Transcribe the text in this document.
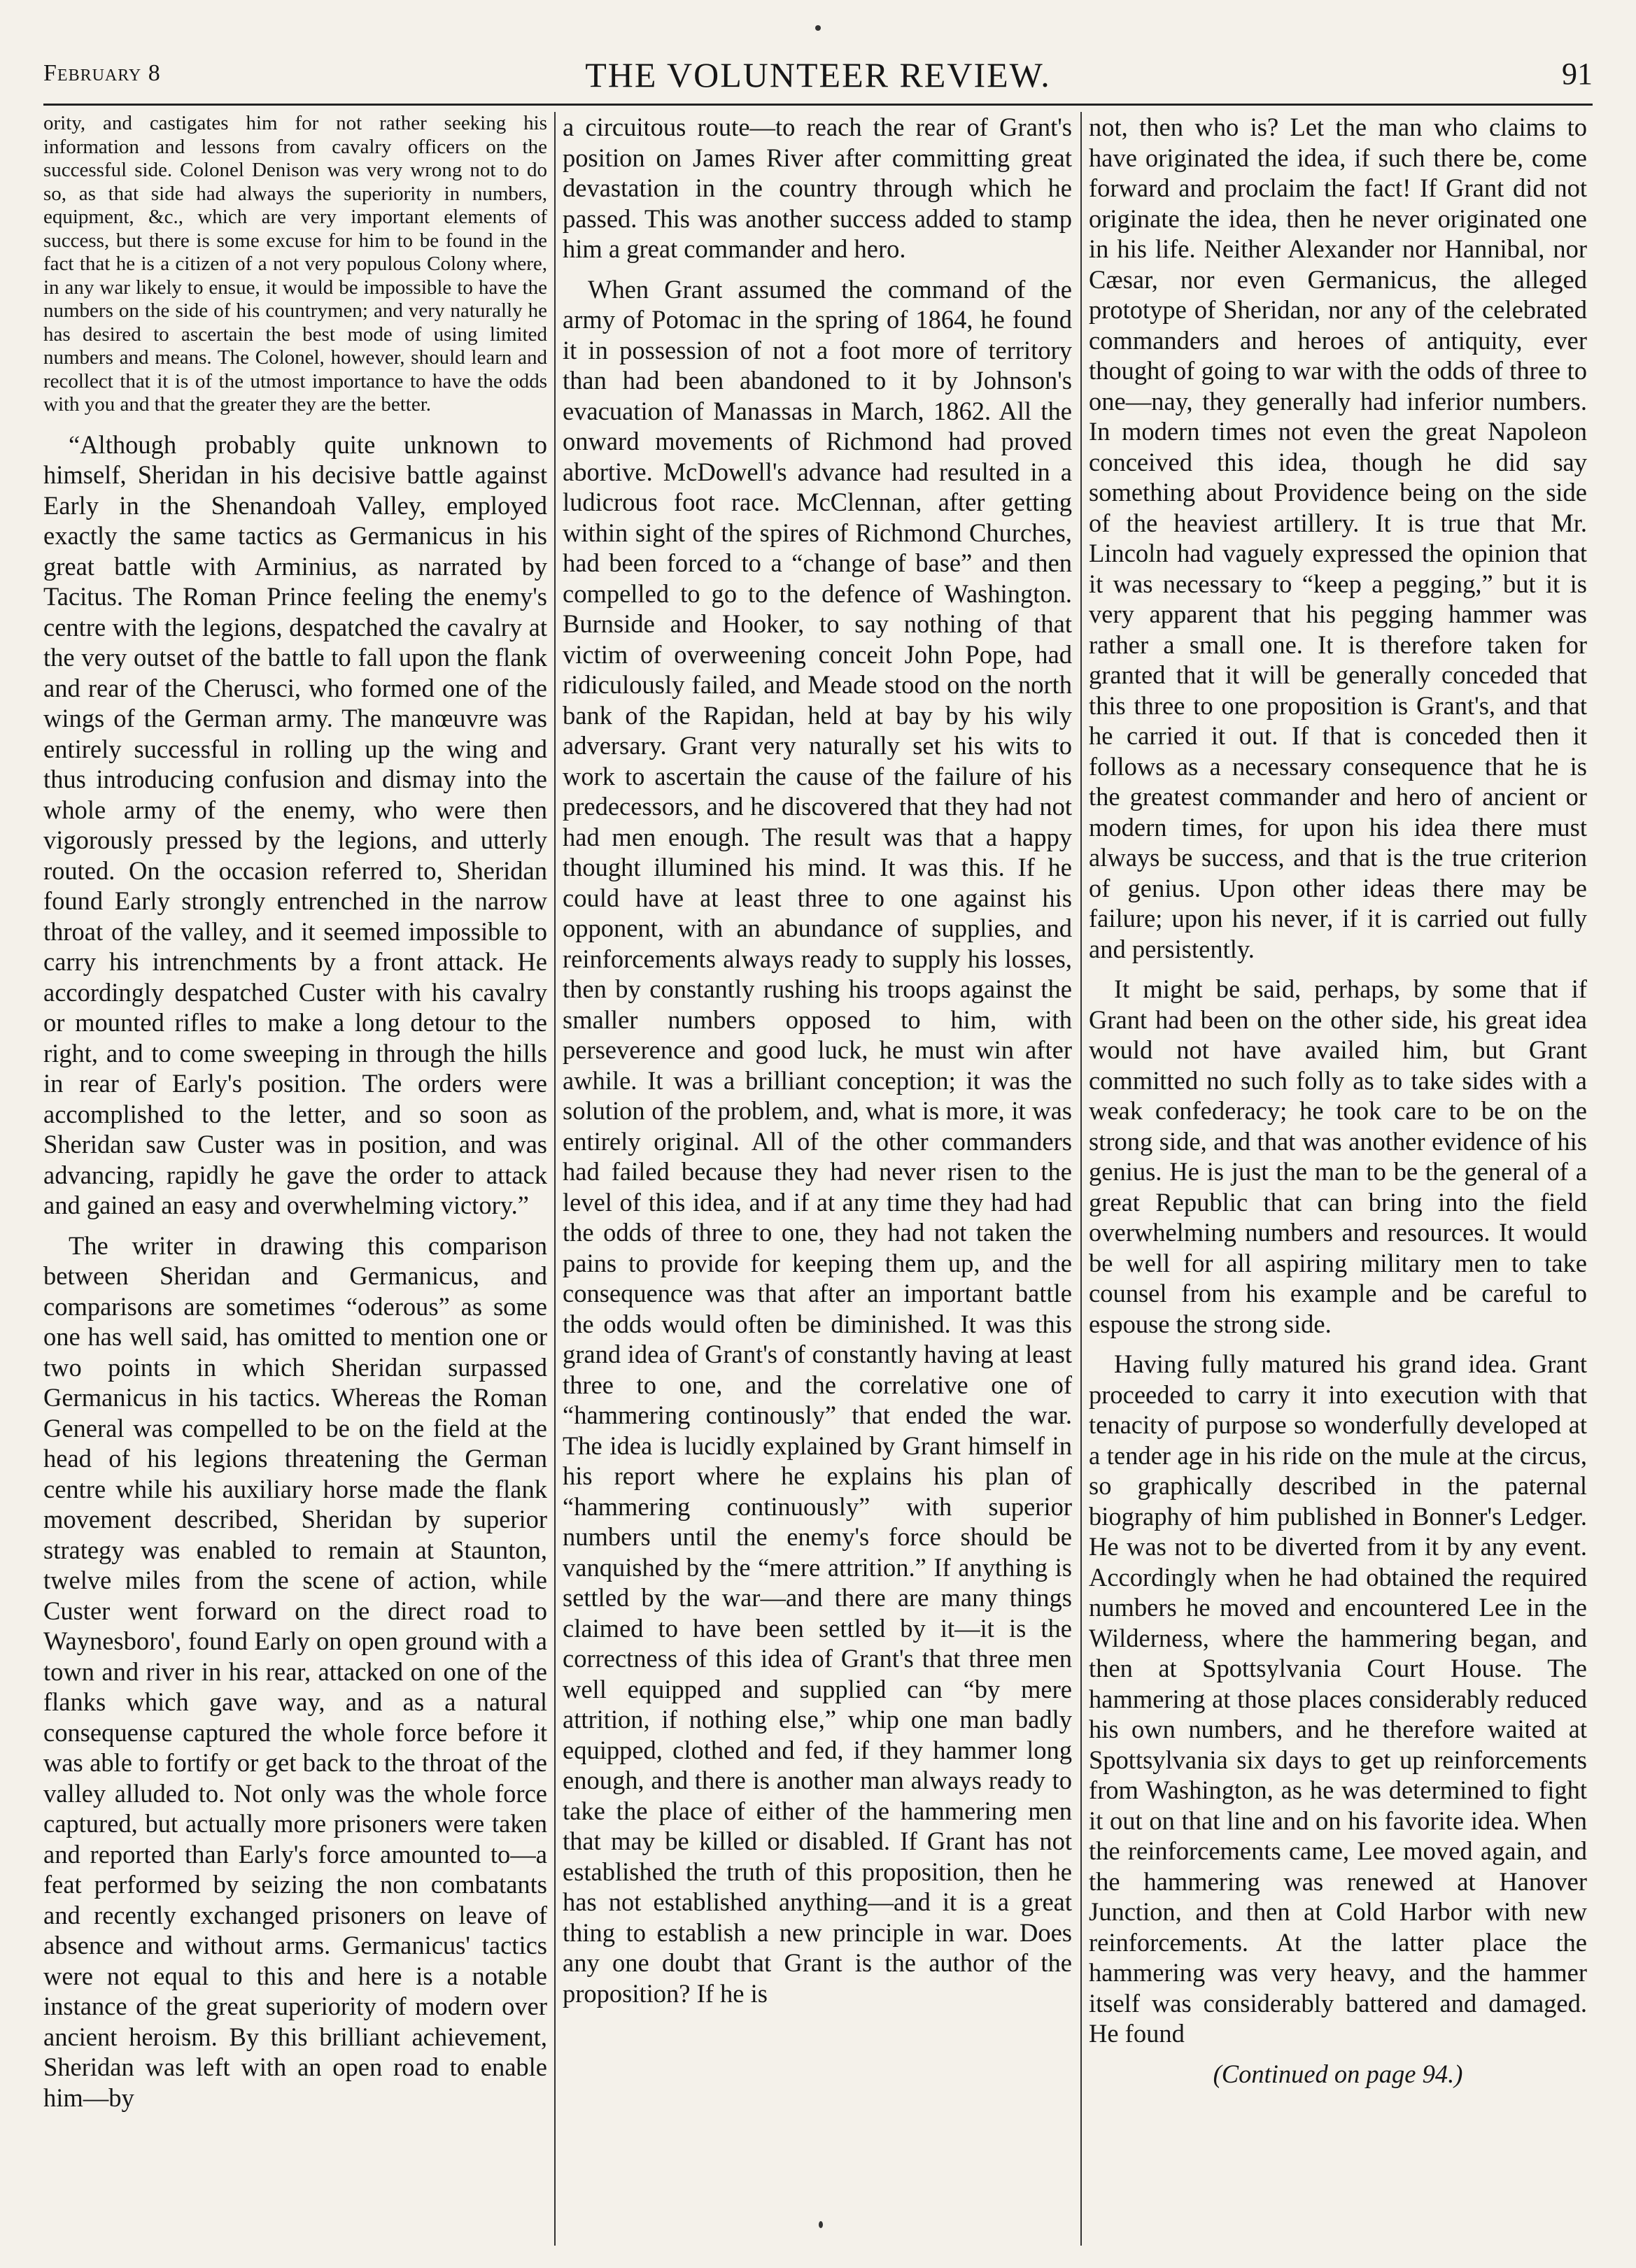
February 8	THE VOLUNTEER REVIEW.	91

ority, and castigates him for not rather seeking his information and lessons from cavalry officers on the successful side. Colonel Denison was very wrong not to do so, as that side had always the superiority in numbers, equipment, &c., which are very important elements of success, but there is some excuse for him to be found in the fact that he is a citizen of a not very populous Colony where, in any war likely to ensue, it would be impossible to have the numbers on the side of his countrymen; and very naturally he has desired to ascertain the best mode of using limited numbers and means. The Colonel, however, should learn and recollect that it is of the utmost importance to have the odds with you and that the greater they are the better.

“Although probably quite unknown to himself, Sheridan in his decisive battle against Early in the Shenandoah Valley, employed exactly the same tactics as Germanicus in his great battle with Arminius, as narrated by Tacitus. The Roman Prince feeling the enemy's centre with the legions, despatched the cavalry at the very outset of the battle to fall upon the flank and rear of the Cherusci, who formed one of the wings of the German army. The manœuvre was entirely successful in rolling up the wing and thus introducing confusion and dismay into the whole army of the enemy, who were then vigorously pressed by the legions, and utterly routed. On the occasion referred to, Sheridan found Early strongly entrenched in the narrow throat of the valley, and it seemed impossible to carry his intrenchments by a front attack. He accordingly despatched Custer with his cavalry or mounted rifles to make a long detour to the right, and to come sweeping in through the hills in rear of Early's position. The orders were accomplished to the letter, and so soon as Sheridan saw Custer was in position, and was advancing, rapidly he gave the order to attack and gained an easy and overwhelming victory.”

The writer in drawing this comparison between Sheridan and Germanicus, and comparisons are sometimes “oderous” as some one has well said, has omitted to mention one or two points in which Sheridan surpassed Germanicus in his tactics. Whereas the Roman General was compelled to be on the field at the head of his legions threatening the German centre while his auxiliary horse made the flank movement described, Sheridan by superior strategy was enabled to remain at Staunton, twelve miles from the scene of action, while Custer went forward on the direct road to Waynesboro', found Early on open ground with a town and river in his rear, attacked on one of the flanks which gave way, and as a natural consequense captured the whole force before it was able to fortify or get back to the throat of the valley alluded to. Not only was the whole force captured, but actually more prisoners were taken and reported than Early's force amounted to—a feat performed by seizing the non combatants and recently exchanged prisoners on leave of absence and without arms. Germanicus' tactics were not equal to this and here is a notable instance of the great superiority of modern over ancient heroism. By this brilliant achievement, Sheridan was left with an open road to enable him—by

a circuitous route—to reach the rear of Grant's position on James River after committing great devastation in the country through which he passed. This was another success added to stamp him a great commander and hero.

When Grant assumed the command of the army of Potomac in the spring of 1864, he found it in possession of not a foot more of territory than had been abandoned to it by Johnson's evacuation of Manassas in March, 1862. All the onward movements of Richmond had proved abortive. McDowell's advance had resulted in a ludicrous foot race. McClennan, after getting within sight of the spires of Richmond Churches, had been forced to a “change of base” and then compelled to go to the defence of Washington. Burnside and Hooker, to say nothing of that victim of overweening conceit John Pope, had ridiculously failed, and Meade stood on the north bank of the Rapidan, held at bay by his wily adversary. Grant very naturally set his wits to work to ascertain the cause of the failure of his predecessors, and he discovered that they had not had men enough. The result was that a happy thought illumined his mind. It was this. If he could have at least three to one against his opponent, with an abundance of supplies, and reinforcements always ready to supply his losses, then by constantly rushing his troops against the smaller numbers opposed to him, with perseverence and good luck, he must win after awhile. It was a brilliant conception; it was the solution of the problem, and, what is more, it was entirely original. All of the other commanders had failed because they had never risen to the level of this idea, and if at any time they had had the odds of three to one, they had not taken the pains to provide for keeping them up, and the consequence was that after an important battle the odds would often be diminished. It was this grand idea of Grant's of constantly having at least three to one, and the correlative one of “hammering continously” that ended the war. The idea is lucidly explained by Grant himself in his report where he explains his plan of “hammering continuously” with superior numbers until the enemy's force should be vanquished by the “mere attrition.” If anything is settled by the war—and there are many things claimed to have been settled by it—it is the correctness of this idea of Grant's that three men well equipped and supplied can “by mere attrition, if nothing else,” whip one man badly equipped, clothed and fed, if they hammer long enough, and there is another man always ready to take the place of either of the hammering men that may be killed or disabled. If Grant has not established the truth of this proposition, then he has not established anything—and it is a great thing to establish a new principle in war. Does any one doubt that Grant is the author of the proposition? If he is

not, then who is? Let the man who claims to have originated the idea, if such there be, come forward and proclaim the fact! If Grant did not originate the idea, then he never originated one in his life. Neither Alexander nor Hannibal, nor Cæsar, nor even Germanicus, the alleged prototype of Sheridan, nor any of the celebrated commanders and heroes of antiquity, ever thought of going to war with the odds of three to one—nay, they generally had inferior numbers. In modern times not even the great Napoleon conceived this idea, though he did say something about Providence being on the side of the heaviest artillery. It is true that Mr. Lincoln had vaguely expressed the opinion that it was necessary to “keep a pegging,” but it is very apparent that his pegging hammer was rather a small one. It is therefore taken for granted that it will be generally conceded that this three to one proposition is Grant's, and that he carried it out. If that is conceded then it follows as a necessary consequence that he is the greatest commander and hero of ancient or modern times, for upon his idea there must always be success, and that is the true criterion of genius. Upon other ideas there may be failure; upon his never, if it is carried out fully and persistently.

It might be said, perhaps, by some that if Grant had been on the other side, his great idea would not have availed him, but Grant committed no such folly as to take sides with a weak confederacy; he took care to be on the strong side, and that was another evidence of his genius. He is just the man to be the general of a great Republic that can bring into the field overwhelming numbers and resources. It would be well for all aspiring military men to take counsel from his example and be careful to espouse the strong side.

Having fully matured his grand idea. Grant proceeded to carry it into execution with that tenacity of purpose so wonderfully developed at a tender age in his ride on the mule at the circus, so graphically described in the paternal biography of him published in Bonner's Ledger. He was not to be diverted from it by any event. Accordingly when he had obtained the required numbers he moved and encountered Lee in the Wilderness, where the hammering began, and then at Spottsylvania Court House. The hammering at those places considerably reduced his own numbers, and he therefore waited at Spottsylvania six days to get up reinforcements from Washington, as he was determined to fight it out on that line and on his favorite idea. When the reinforcements came, Lee moved again, and the hammering was renewed at Hanover Junction, and then at Cold Harbor with new reinforcements. At the latter place the hammering was very heavy, and the hammer itself was considerably battered and damaged. He found

(Continued on page 94.)
